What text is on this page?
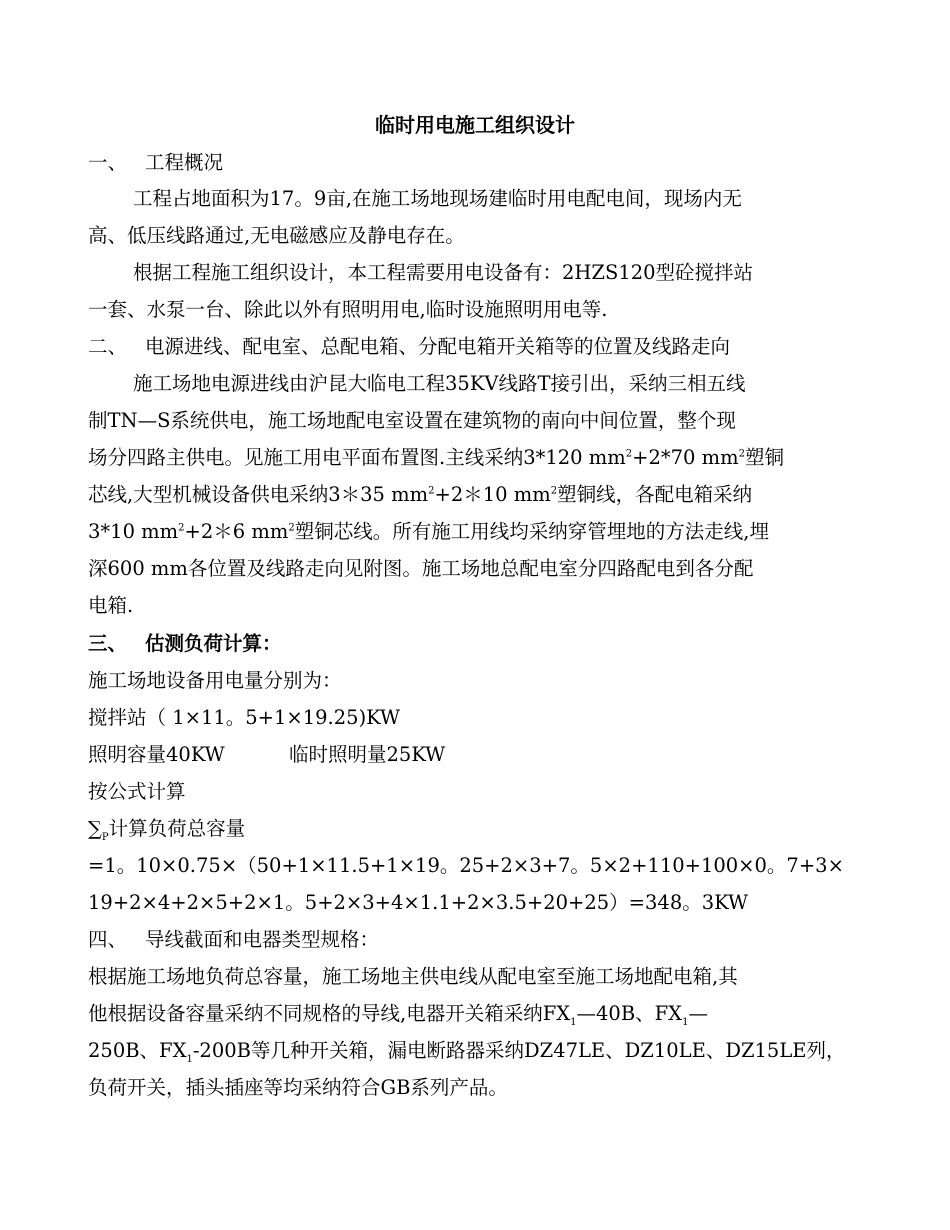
临时用电施工组织设计
一、 工程概况
工程占地面积为17。9亩,在施工场地现场建临时用电配电间，现场内无
高、低压线路通过,无电磁感应及静电存在。
根据工程施工组织设计，本工程需要用电设备有：2HZS120型砼搅拌站
一套、水泵一台、除此以外有照明用电,临时设施照明用电等.
二、 电源进线、配电室、总配电箱、分配电箱开关箱等的位置及线路走向
施工场地电源进线由沪昆大临电工程35KV线路T接引出，采纳三相五线
制TN—S系统供电，施工场地配电室设置在建筑物的南向中间位置，整个现
场分四路主供电。见施工用电平面布置图.主线采纳3*120 $mm^2+2*70$ $mm^2$塑铜
芯线,大型机械设备供电采纳3＊35 $mm^2+2*10$ $mm^2$塑铜线，各配电箱采纳
3*10 $mm^2+2*6$ $mm^2$塑铜芯线。所有施工用线均采纳穿管埋地的方法走线,埋
深600 mm各位置及线路走向见附图。施工场地总配电室分四路配电到各分配
电箱.
三、 估测负荷计算：
施工场地设备用电量分别为：
搅拌站（ 1×11。5+1×19.25)KW
照明容量40KW	临时照明量25KW
按公式计算
$\sum_P$计算负荷总容量
=1。10×0.75×（50+1×11.5+1×19。25+2×3+7。5×2+110+100×0。7+3×
19+2×4+2×5+2×1。5+2×3+4×1.1+2×3.5+20+25）=348。3KW
四、 导线截面和电器类型规格：
根据施工场地负荷总容量，施工场地主供电线从配电室至施工场地配电箱,其
他根据设备容量采纳不同规格的导线,电器开关箱采纳$FX_1—40B$、$FX_1—$
250B、$FX_1-200B$等几种开关箱，漏电断路器采纳DZ47LE、DZ10LE、DZ15LE列，
负荷开关，插头插座等均采纳符合GB系列产品。
